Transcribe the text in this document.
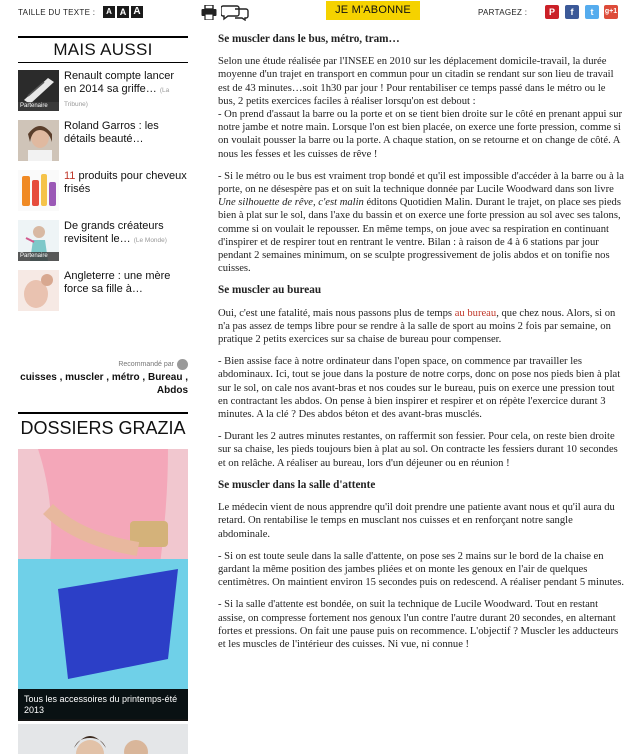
TAILLE DU TEXTE :	A A A	JE M'ABONNE	PARTAGEZ :	P	f	t	g+1
MAIS AUSSI
Partenaire
Renault compte lancer en 2014 sa griffe… (La Tribune)
Roland Garros : les détails beauté…
11 produits pour cheveux frisés
Partenaire
De grands créateurs revisitent le… (Le Monde)
Angleterre : une mère force sa fille à…
Recommandé par
cuisses , muscler , métro , Bureau , Abdos
DOSSIERS GRAZIA
Tous les accessoires du printemps-été 2013
Se muscler dans le bus, métro, tram…

Selon une étude réalisée par l'INSEE en 2010 sur les déplacement domicile-travail, la durée moyenne d'un trajet en transport en commun pour un citadin se rendant sur son lieu de travail est de 43 minutes…soit 1h30 par jour ! Pour rentabiliser ce temps passé dans le métro ou le bus, 2 petits exercices faciles à réaliser lorsqu'on est debout :

- On prend d'assaut la barre ou la porte et on se tient bien droite sur le côté en prenant appui sur notre jambe et notre main. Lorsque l'on est bien placée, on exerce une forte pression, comme si on voulait pousser la barre ou la porte. A chaque station, on se retourne et on change de côté. A nous les fesses et les cuisses de rêve !

- Si le métro ou le bus est vraiment trop bondé et qu'il est impossible d'accéder à la barre ou à la porte, on ne désespère pas et on suit la technique donnée par Lucile Woodward dans son livre Une silhouette de rêve, c'est malin éditons Quotidien Malin. Durant le trajet, on place ses pieds bien à plat sur le sol, dans l'axe du bassin et on exerce une forte pression au sol avec ses talons, comme si on voulait le repousser. En même temps, on joue avec sa respiration en continuant d'inspirer et de respirer tout en rentrant le ventre. Bilan : à raison de 4 à 6 stations par jour pendant 2 semaines minimum, on se sculpte progressivement de jolis abdos et on tonifie nos cuisses.

Se muscler au bureau

Oui, c'est une fatalité, mais nous passons plus de temps au bureau, que chez nous. Alors, si on n'a pas assez de temps libre pour se rendre à la salle de sport au moins 2 fois par semaine, on pratique 2 petits exercices sur sa chaise de bureau pour compenser.

- Bien assise face à notre ordinateur dans l'open space, on commence par travailler les abdominaux. Ici, tout se joue dans la posture de notre corps, donc on pose nos pieds bien à plat sur le sol, on cale nos avant-bras et nos coudes sur le bureau, puis on exerce une pression tout en contractant les abdos. On pense à bien inspirer et respirer et on répète l'exercice durant 3 minutes. A la clé ? Des abdos béton et des avant-bras musclés.

- Durant les 2 autres minutes restantes, on raffermit son fessier. Pour cela, on reste bien droite sur sa chaise, les pieds toujours bien à plat au sol. On contracte les fessiers durant 10 secondes et on relâche. A réaliser au bureau, lors d'un déjeuner ou en réunion !

Se muscler dans la salle d'attente

Le médecin vient de nous apprendre qu'il doit prendre une patiente avant nous et qu'il aura du retard. On rentabilise le temps en musclant nos cuisses et en renforçant notre sangle abdominale.

- Si on est toute seule dans la salle d'attente, on pose ses 2 mains sur le bord de la chaise en gardant la même position des jambes pliées et on monte les genoux en l'air de quelques centimètres. On maintient environ 15 secondes puis on redescend. A réaliser pendant 5 minutes.

- Si la salle d'attente est bondée, on suit la technique de Lucile Woodward. Tout en restant assise, on compresse fortement nos genoux l'un contre l'autre durant 20 secondes, en alternant fortes et pressions. On fait une pause puis on recommence. L'objectif ? Muscler les adducteurs et les muscles de l'intérieur des cuisses. Ni vue, ni connue !
